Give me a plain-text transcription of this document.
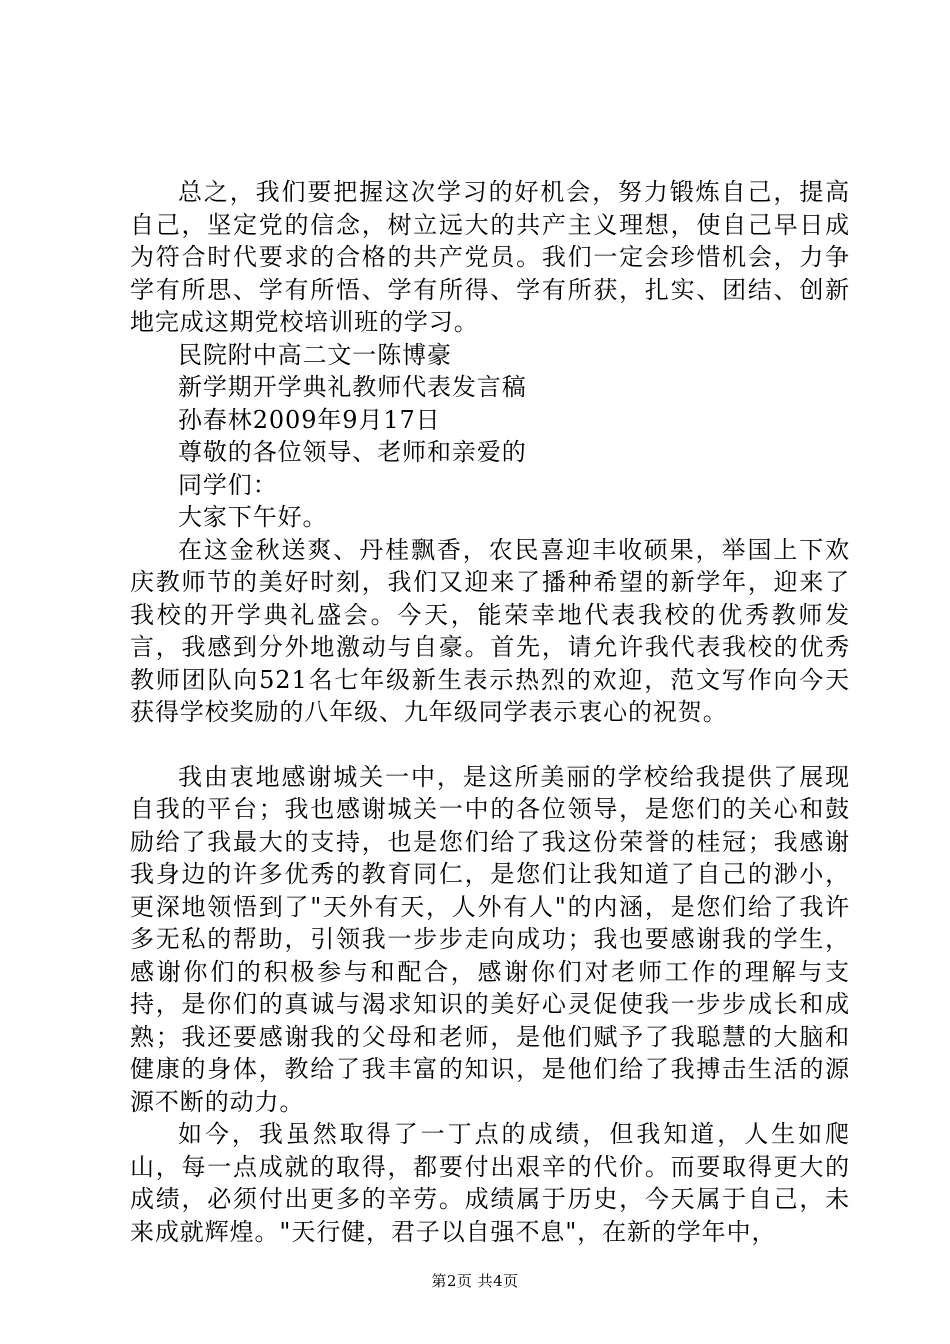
总之，我们要把握这次学习的好机会，努力锻炼自己，提高自己，坚定党的信念，树立远大的共产主义理想，使自己早日成为符合时代要求的合格的共产党员。我们一定会珍惜机会，力争学有所思、学有所悟、学有所得、学有所获，扎实、团结、创新地完成这期党校培训班的学习。

民院附中高二文一陈博豪

新学期开学典礼教师代表发言稿

孙春林2009年9月17日

尊敬的各位领导、老师和亲爱的

同学们：

大家下午好。

在这金秋送爽、丹桂飘香，农民喜迎丰收硕果，举国上下欢庆教师节的美好时刻，我们又迎来了播种希望的新学年，迎来了我校的开学典礼盛会。今天，能荣幸地代表我校的优秀教师发言，我感到分外地激动与自豪。首先，请允许我代表我校的优秀教师团队向521名七年级新生表示热烈的欢迎，范文写作向今天获得学校奖励的八年级、九年级同学表示衷心的祝贺。

我由衷地感谢城关一中，是这所美丽的学校给我提供了展现自我的平台；我也感谢城关一中的各位领导，是您们的关心和鼓励给了我最大的支持，也是您们给了我这份荣誉的桂冠；我感谢我身边的许多优秀的教育同仁，是您们让我知道了自己的渺小，更深地领悟到了"天外有天，人外有人"的内涵，是您们给了我许多无私的帮助，引领我一步步走向成功；我也要感谢我的学生，感谢你们的积极参与和配合，感谢你们对老师工作的理解与支持，是你们的真诚与渴求知识的美好心灵促使我一步步成长和成熟；我还要感谢我的父母和老师，是他们赋予了我聪慧的大脑和健康的身体，教给了我丰富的知识，是他们给了我搏击生活的源源不断的动力。

如今，我虽然取得了一丁点的成绩，但我知道，人生如爬山，每一点成就的取得，都要付出艰辛的代价。而要取得更大的成绩，必须付出更多的辛劳。成绩属于历史，今天属于自己，未来成就辉煌。"天行健，君子以自强不息"，在新的学年中，

第2页 共4页
